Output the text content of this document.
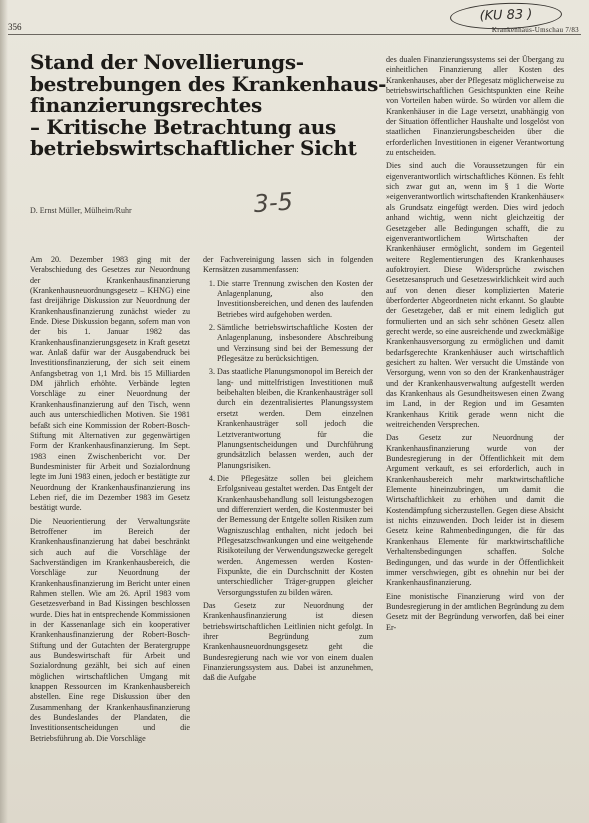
356	Krankenhaus-Umschau 7/83
(KU 83 )
Stand der Novellierungs-
bestrebungen des Krankenhaus-
finanzierungsrechtes
– Kritische Betrachtung aus
betriebswirtschaftlicher Sicht
3-5
D. Ernst Müller, Mülheim/Ruhr

Am 20. Dezember 1983 ging mit der Verabschiedung des Gesetzes zur Neuordnung der Krankenhausfinanzierung (Krankenhausneuordnungsgesetz – KHNG) eine fast dreijährige Diskussion zur Neuordnung der Krankenhausfinanzierung zunächst wieder zu Ende. Diese Diskussion begann, sofern man von der bis 1. Januar 1982 das Krankenhausfinanzierungsgesetz in Kraft gesetzt war. Anlaß dafür war der Ausgabendruck bei Investitionsfinanzierung, der sich seit einem Anfangsbetrag von 1,1 Mrd. bis 15 Milliarden DM jährlich erhöhte. Verbände legten Vorschläge zu einer Neuordnung der Krankenhausfinanzierung auf den Tisch, wenn auch aus unterschiedlichen Motiven. Sie 1981 befaßt sich eine Kommission der Robert-Bosch-Stiftung mit Alternativen zur gegenwärtigen Form der Krankenhausfinanzierung. Im Sept. 1983 einen Zwischenbericht vor. Der Bundesminister für Arbeit und Sozialordnung legte im Juni 1983 einen, jedoch er bestätigte zur Neuordnung der Krankenhausfinanzierung ins Leben rief, die im Dezember 1983 im Gesetz bestätigt wurde.

Die Neuorientierung der Verwaltungsräte Betroffener im Bereich der Krankenhausfinanzierung hat dabei beschränkt sich auch auf die Vorschläge der Sachverständigen im Krankenhausbereich, die Vorschläge zur Neuordnung der Krankenhausfinanzierung im Bericht unter einen Rahmen stellen. Wie am 26. April 1983 vom Gesetzesverband in Bad Kissingen beschlossen wurde. Dies hat in entsprechende Kommissionen in der Kassenanlage sich ein kooperativer Krankenhausfinanzierung der Robert-Bosch-Stiftung und der Gutachten der Beratergruppe aus Bundeswirtschaft für Arbeit und Sozialordnung gezählt, bei sich auf einen möglichen wirtschaftlichen Umgang mit knappen Ressourcen im Krankenhausbereich abstellen. Eine rege Diskussion über den Zusammenhang der Krankenhausfinanzierung des Bundeslandes der Plandaten, die Investitionsentscheidungen und die Betriebsführung ab. Die Vorschläge

der Fachvereinigung lassen sich in folgenden Kernsätzen zusammenfassen:

1. Die starre Trennung zwischen den Kosten der Anlagenplanung, also den Investitionsbereichen, und denen des laufenden Betriebes wird aufgehoben werden.
2. Sämtliche betriebswirtschaftliche Kosten der Anlagenplanung, insbesondere Abschreibung und Verzinsung sind bei der Bemessung der Pflegesätze zu berücksichtigen.
3. Das staatliche Planungsmonopol im Bereich der lang- und mittelfristigen Investitionen muß beibehalten bleiben, die Krankenhausträger soll durch ein dezentralisiertes Planungssystem ersetzt werden. Dem einzelnen Krankenhausträger soll jedoch die Letztverantwortung für die Planungsentscheidungen und Durchführung grundsätzlich belassen werden, auch der Planungsrisiken.
4. Die Pflegesätze sollen bei gleichem Erfolgsniveau gestaltet werden. Das Entgelt der Krankenhausbehandlung soll leistungsbezogen und differenziert werden, die Kostenmuster bei der Bemessung der Entgelte sollen Risiken zum Wagniszuschlag enthalten, nicht jedoch bei Pflegesatzschwankungen und eine weitgehende Risikoteilung der Verwendungszwecke geregelt werden. Angemessen werden Kosten-Fixpunkte, die ein Durchschnitt der Kosten unterschiedlicher Träger-gruppen gleicher Versorgungsstufen zu bilden wären.

Das Gesetz zur Neuordnung der Krankenhausfinanzierung ist diesen betriebswirtschaftlichen Leitlinien nicht gefolgt. In ihrer Begründung zum Krankenhausneuordnungsgesetz geht die Bundesregierung nach wie vor von einem dualen Finanzierungssystem aus. Dabei ist anzunehmen, daß die Aufgabe

des dualen Finanzierungssystems sei der Übergang zu einheitlichen Finanzierung aller Kosten des Krankenhauses, aber der Pflegesatz möglicherweise zu betriebswirtschaftlichen Gesichtspunkten eine Reihe von Vorteilen haben würde. So würden vor allem die Krankenhäuser in die Lage versetzt, unabhängig von der Situation öffentlicher Haushalte und losgelöst von staatlichen Finanzierungsbescheiden über die erforderlichen Investitionen in eigener Verantwortung zu entscheiden.

Dies sind auch die Voraussetzungen für ein eigenverantwortlich wirtschaftliches Können. Es fehlt sich zwar gut an, wenn im § 1 die Worte »eigenverantwortlich wirtschaftenden Krankenhäuser« als Grundsatz eingefügt werden. Dies wird jedoch anhand wichtig, wenn nicht gleichzeitig der Gesetzgeber alle Bedingungen schafft, die zu eigenverantwortlichem Wirtschaften der Krankenhäuser ermöglicht, sondern im Gegenteil weitere Reglementierungen des Krankenhauses aufoktroyiert. Diese Widersprüche zwischen Gesetzesanspruch und Gesetzeswirklichkeit wird auch auf von denen dieser komplizierten Materie überforderter Abgeordneten nicht erkannt. So glaubte der Gesetzgeber, daß er mit einem lediglich gut formulierten und an sich sehr schönen Gesetz allen gerecht werde, so eine ausreichende und zweckmäßige Krankenhausversorgung zu ermöglichen und damit bedarfsgerechte Krankenhäuser auch wirtschaftlich gesichert zu halten. Wer versucht die Umstände von Versorgung, wenn von so den der Krankenhausträger und der Krankenhausverwaltung aufgestellt werden das Krankenhaus als Gesundheitswesen einen Zwang im Land, in der Region und im Gesamten Krankenhaus Kritik gerade wenn nicht die weitreichenden Versprechen.

Das Gesetz zur Neuordnung der Krankenhausfinanzierung wurde von der Bundesregierung in der Öffentlichkeit mit dem Argument verkauft, es sei erforderlich, auch in Krankenhausbereich mehr marktwirtschaftliche Elemente hineinzubringen, um damit die Wirtschaftlichkeit zu erhöhen und damit die Kostendämpfung sicherzustellen. Gegen diese Absicht ist nichts einzuwenden. Doch leider ist in diesem Gesetz keine Rahmenbedingungen, die für das Krankenhaus Elemente für marktwirtschaftliche Verhaltensbedingungen schaffen. Solche Bedingungen, und das wurde in der Öffentlichkeit immer verschwiegen, gibt es ohnehin nur bei der Krankenhausfinanzierung.

Eine monistische Finanzierung wird von der Bundesregierung in der amtlichen Begründung zu dem Gesetz mit der Begründung verworfen, daß bei einer Er-
